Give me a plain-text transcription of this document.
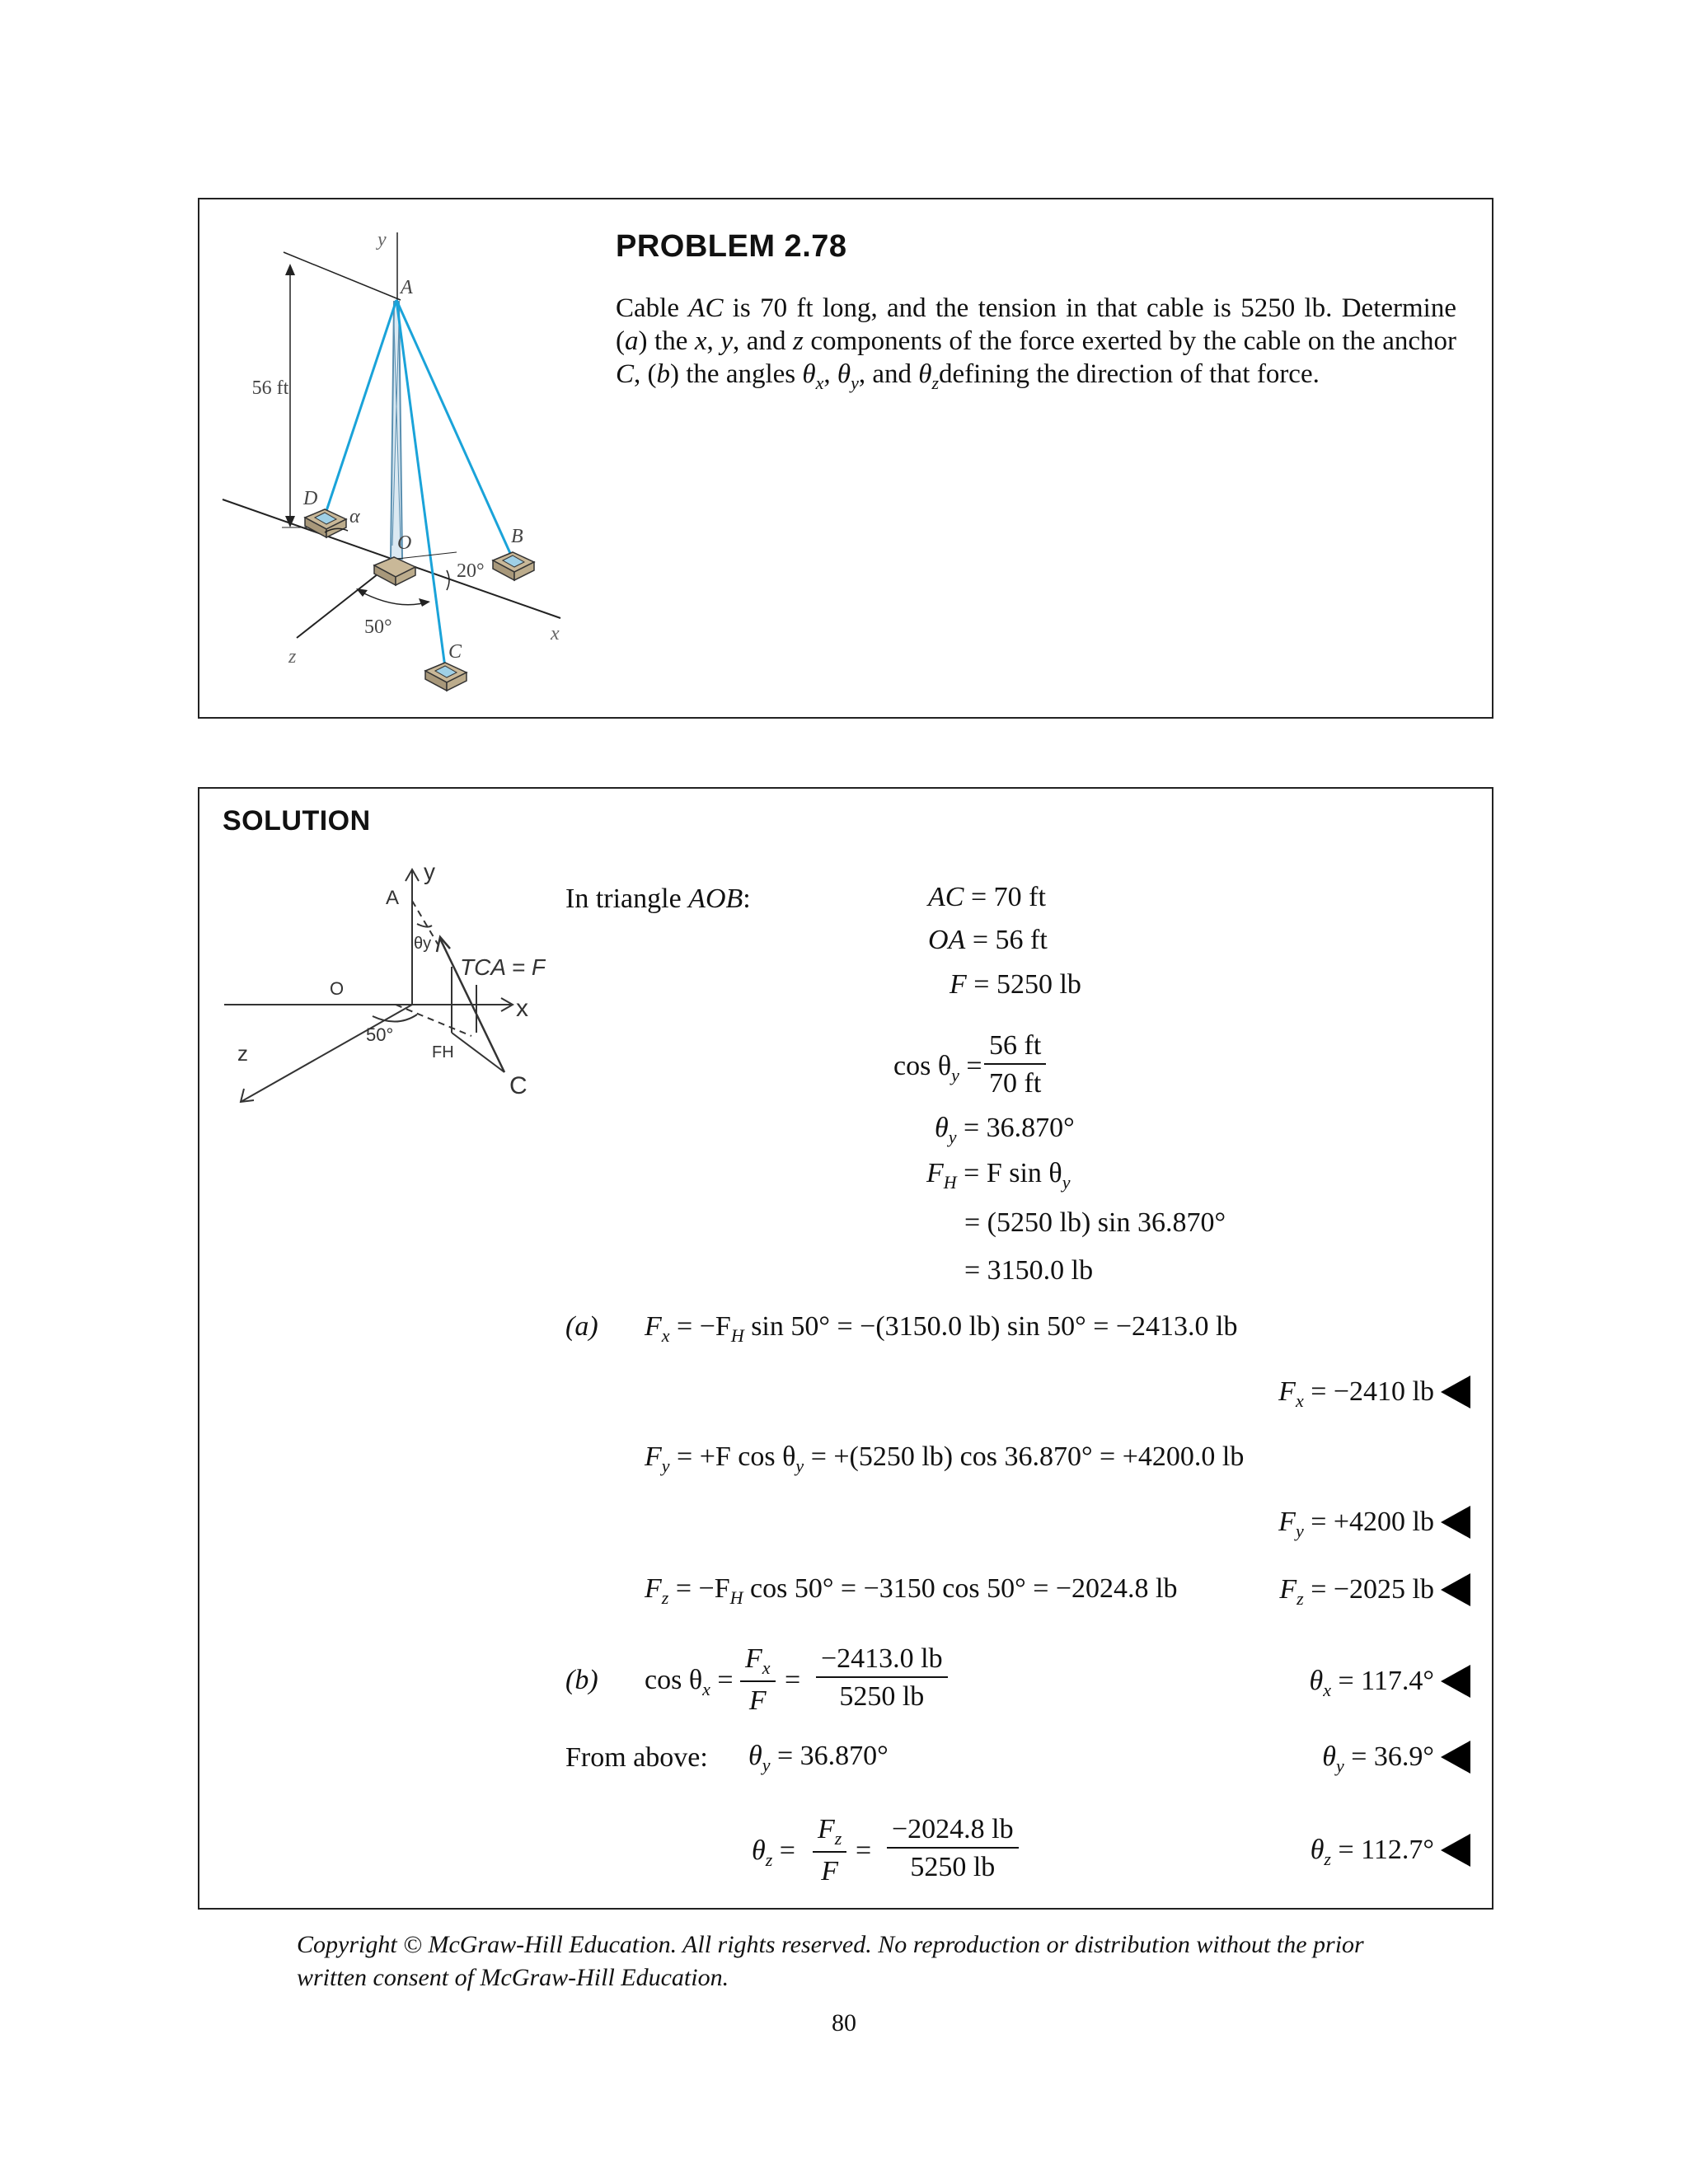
y
A
56 ft
D
α
O	B
20°
50°
C
x
z
PROBLEM 2.78
Cable AC is 70 ft long, and the tension in that cable is 5250 lb. Determine (a) the x, y, and z components of the force exerted by the cable on the anchor C, (b) the angles $\theta_x$, $\theta_y$, and $\theta_zdefining$ the direction of that force.
SOLUTION
A
y
θy
TCA = F
x
O
50°
FH
C
z
In triangle AOB:	AC = 70 ft
OA = 56 ft
F = 5250 lb
$\cos \theta_y = \frac{56 ft}{70 ft}$
$\theta_y = 36.870^\circ$
$F_H = F$ $\sin \theta_y$
= (5250 lb) sin 36.870°
= 3150.0 lb
(a) $F_x = -F_H$ sin 50° = −(3150.0 lb) sin 50° = −2413.0 lb
$F_x = -2410$ lb
$F_y = +F$ $\cos \theta_y = +(5250$ lb) cos 36.870° = +4200.0 lb
$F_y = +4200$ lb
$F_z = -F_H$ cos 50° = −3150 cos 50° = −2024.8 lb	$F_z = -2025$ lb
(b) $\cos \theta_x = \frac{F_x}{F} = \frac{-2413.0 lb}{5250 lb}$	$\theta_x = 117.4^\circ$
From above: $\theta_y = 36.870^\circ$	$\theta_y = 36.9^\circ$
$\theta_z = \frac{F_z}{F} = \frac{-2024.8 lb}{5250 lb}$	$\theta_z = 112.7^\circ$
Copyright © McGraw-Hill Education. All rights reserved. No reproduction or distribution without the prior written consent of McGraw-Hill Education.
80
